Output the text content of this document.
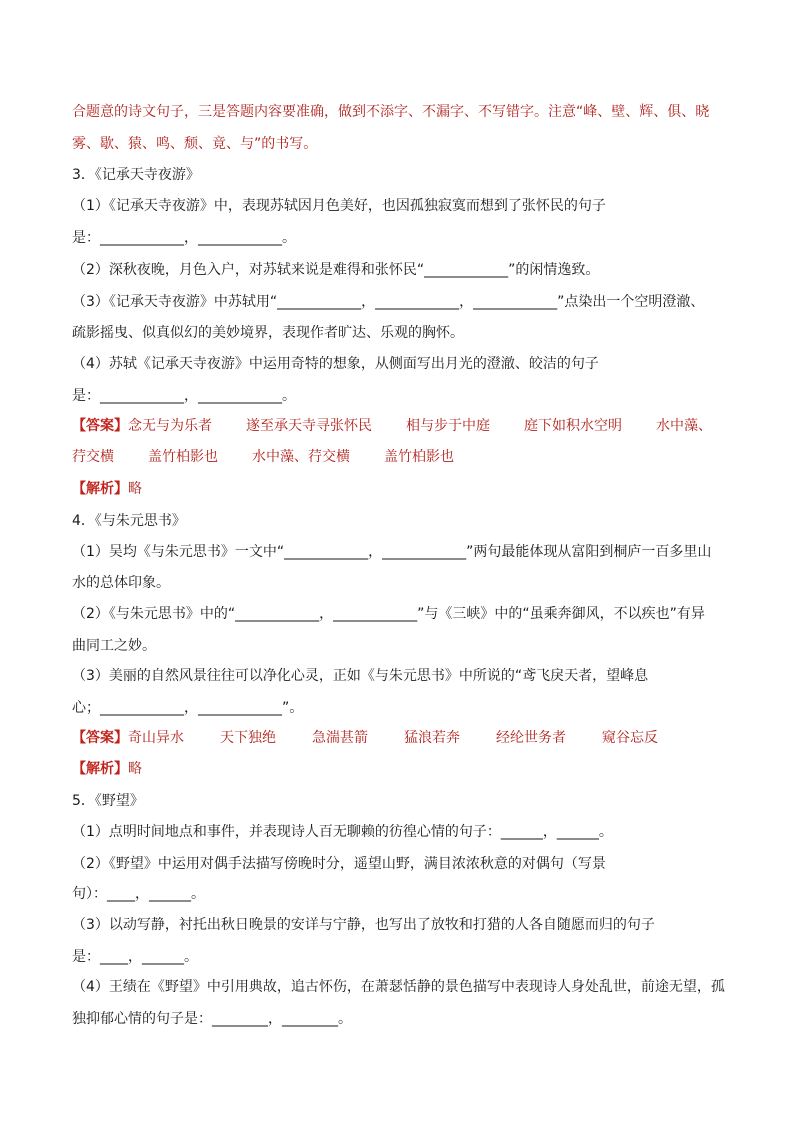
合题意的诗文句子，三是答题内容要准确，做到不添字、不漏字、不写错字。注意“峰、壁、辉、俱、晓
雾、歇、猿、鸣、颓、竟、与”的书写。
3．《记承天寺夜游》
（1）《记承天寺夜游》中，表现苏轼因月色美好，也因孤独寂寞而想到了张怀民的句子
是：____________，____________。
（2）深秋夜晚，月色入户，对苏轼来说是难得和张怀民“____________”的闲情逸致。
（3）《记承天寺夜游》中苏轼用“____________，____________，____________”点染出一个空明澄澈、
疏影摇曳、似真似幻的美妙境界，表现作者旷达、乐观的胸怀。
（4）苏轼《记承天寺夜游》中运用奇特的想象，从侧面写出月光的澄澈、皎洁的句子
是：____________，____________。
【答案】念无与为乐者 遂至承天寺寻张怀民 相与步于中庭 庭下如积水空明 水中藻、
荇交横 盖竹柏影也 水中藻、荇交横 盖竹柏影也
【解析】略
4．《与朱元思书》
（1）吴均《与朱元思书》一文中“____________，____________”两句最能体现从富阳到桐庐一百多里山
水的总体印象。
（2）《与朱元思书》中的“____________，____________”与《三峡》中的“虽乘奔御风，不以疾也”有异
曲同工之妙。
（3）美丽的自然风景往往可以净化心灵，正如《与朱元思书》中所说的“鸢飞戾天者，望峰息
心；____________，____________”。
【答案】奇山异水	天下独绝	急湍甚箭	猛浪若奔	经纶世务者	窥谷忘反
【解析】略
5．《野望》
（1）点明时间地点和事件，并表现诗人百无聊赖的彷徨心情的句子：______，______。
（2）《野望》中运用对偶手法描写傍晚时分，遥望山野，满目浓浓秋意的对偶句（写景
句）：____，______。
（3）以动写静，衬托出秋日晚景的安详与宁静，也写出了放牧和打猎的人各自随愿而归的句子
是：____，______。
（4）王绩在《野望》中引用典故，追古怀伤，在萧瑟恬静的景色描写中表现诗人身处乱世，前途无望，孤
独抑郁心情的句子是：________，________。
